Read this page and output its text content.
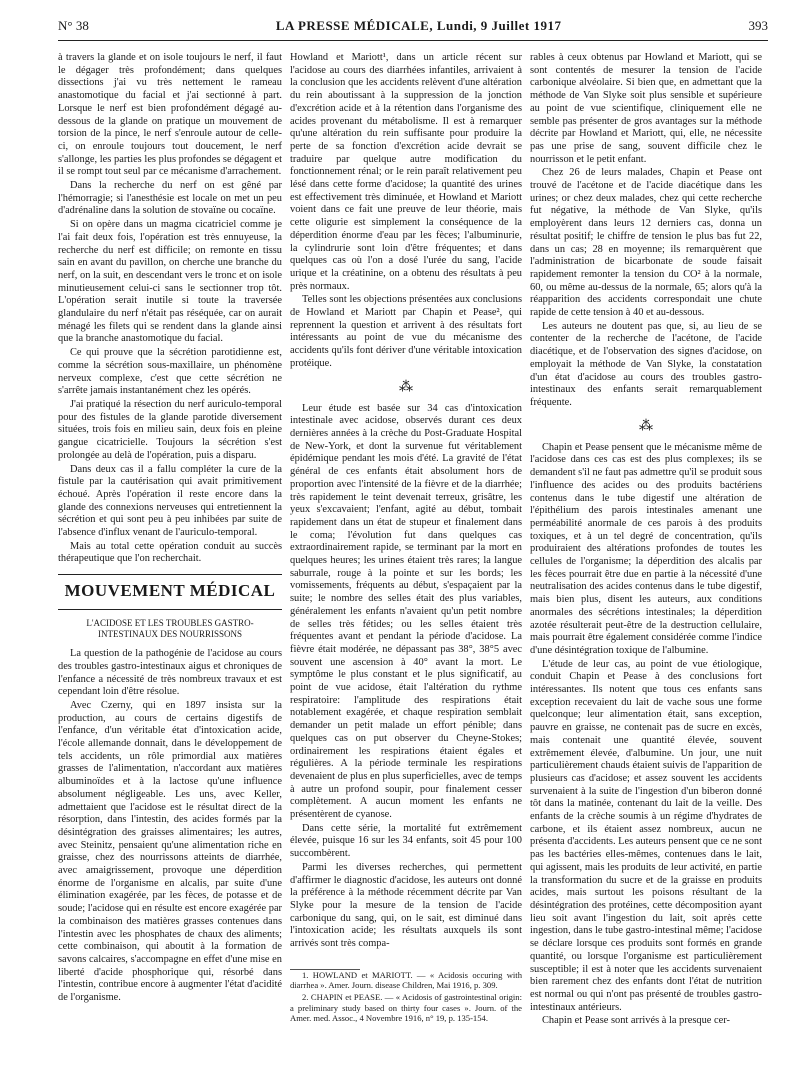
N° 38	LA PRESSE MÉDICALE, Lundi, 9 Juillet 1917	393

à travers la glande et on isole toujours le nerf, il faut le dégager très profondément; dans quelques dissections j'ai vu très nettement le rameau anastomotique du facial et j'ai sectionné à part. Lorsque le nerf est bien profondément dégagé au-dessous de la glande on pratique un mouvement de torsion de la pince, le nerf s'enroule autour de celle-ci, on enroule toujours tout doucement, le nerf s'allonge, les parties les plus profondes se dégagent et il se rompt tout seul par ce mécanisme d'arrachement.

Dans la recherche du nerf on est gêné par l'hémorragie; si l'anesthésie est locale on met un peu d'adrénaline dans la solution de stovaïne ou cocaïne.

Si on opère dans un magma cicatriciel comme je l'ai fait deux fois, l'opération est très ennuyeuse, la recherche du nerf est difficile; on remonte en tissu sain en avant du pavillon, on cherche une branche du nerf, on la suit, en descendant vers le tronc et on isole minutieusement celui-ci sans le sectionner trop tôt. L'opération serait inutile si toute la traversée glandulaire du nerf n'était pas réséquée, car on aurait ménagé les filets qui se rendent dans la glande ainsi que la branche anastomotique du facial.

Ce qui prouve que la sécrétion parotidienne est, comme la sécrétion sous-maxillaire, un phénomène nerveux complexe, c'est que cette sécrétion ne s'arrête jamais instantanément chez les opérés.

J'ai pratiqué la résection du nerf auriculo-temporal pour des fistules de la glande parotide diversement situées, trois fois en milieu sain, deux fois en pleine gangue cicatricielle. Toujours la sécrétion s'est prolongée au delà de l'opération, puis a disparu.

Dans deux cas il a fallu compléter la cure de la fistule par la cautérisation qui avait primitivement échoué. Après l'opération il reste encore dans la glande des connexions nerveuses qui entretiennent la sécrétion et qui sont peu à peu inhibées par suite de l'absence d'influx venant de l'auriculo-temporal.

Mais au total cette opération conduit au succès thérapeutique que l'on recherchait.

MOUVEMENT MÉDICAL
L'ACIDOSE ET LES TROUBLES GASTRO-INTESTINAUX DES NOURRISSONS

La question de la pathogénie de l'acidose au cours des troubles gastro-intestinaux aigus et chroniques de l'enfance a nécessité de très nombreux travaux et est cependant loin d'être résolue.

Avec Czerny, qui en 1897 insista sur la production, au cours de certains digestifs de l'enfance, d'un véritable état d'intoxication acide, l'école allemande donnait, dans le développement de tels accidents, un rôle primordial aux matières grasses de l'alimentation, n'accordant aux matières albuminoïdes et à la lactose qu'une influence absolument négligeable. Les uns, avec Keller, admettaient que l'acidose est le résultat direct de la résorption, dans l'intestin, des acides formés par la désintégration des graisses alimentaires; les autres, avec Steinitz, pensaient qu'une alimentation riche en graisse, chez des nourrissons atteints de diarrhée, avec amaigrissement, provoque une déperdition énorme de l'organisme en alcalis, par suite d'une élimination exagérée, par les fèces, de potasse et de soude; l'acidose qui en résulte est encore exagérée par la combinaison des matières grasses contenues dans l'intestin avec les phosphates de chaux des aliments; cette combinaison, qui aboutit à la formation de savons calcaires, s'accompagne en effet d'une mise en liberté d'acide phosphorique qui, résorbé dans l'intestin, contribue encore à augmenter l'état d'acidité de l'organisme.

Howland et Mariott¹, dans un article récent sur l'acidose au cours des diarrhées infantiles, arrivaient à la conclusion que les accidents relèvent d'une altération du rein aboutissant à la suppression de la jonction d'excrétion acide et à la rétention dans l'organisme des acides provenant du métabolisme. Il est à remarquer qu'une altération du rein suffisante pour produire la perte de sa fonction d'excrétion acide devrait se traduire par quelque autre modification du fonctionnement rénal; or le rein paraît relativement peu lésé dans cette forme d'acidose; la quantité des urines est effectivement très diminuée, et Howland et Mariott voient dans ce fait une preuve de leur théorie, mais cette oligurie est simplement la conséquence de la déperdition énorme d'eau par les fèces; l'albuminurie, la cylindrurie sont loin d'être fréquentes; et dans quelques cas où l'on a dosé l'urée du sang, l'acide urique et la créatinine, on a obtenu des résultats à peu près normaux.

Telles sont les objections présentées aux conclusions de Howland et Mariott par Chapin et Pease², qui reprennent la question et arrivent à des résultats fort intéressants au point de vue du mécanisme des accidents qu'ils font dériver d'une véritable intoxication protéique.

⁂

Leur étude est basée sur 34 cas d'intoxication intestinale avec acidose, observés durant ces deux dernières années à la crèche du Post-Graduate Hospital de New-York, et dont la survenue fut véritablement épidémique pendant les mois d'été. La gravité de l'état général de ces enfants était absolument hors de proportion avec l'intensité de la fièvre et de la diarrhée; très rapidement le teint devenait terreux, grisâtre, les yeux s'excavaient; l'enfant, agité au début, tombait rapidement dans un état de stupeur et finalement dans le coma; l'évolution fut dans quelques cas extraordinairement rapide, se terminant par la mort en quelques heures; les urines étaient très rares; la langue saburrale, rouge à la pointe et sur les bords; les vomissements, fréquents au début, s'espaçaient par la suite; le nombre des selles était des plus variables, généralement les enfants n'avaient qu'un petit nombre de selles très fétides; ou les selles étaient très fréquentes avant et pendant la période d'acidose. La fièvre était modérée, ne dépassant pas 38°, 38°5 avec souvent une ascension à 40° avant la mort. Le symptôme le plus constant et le plus significatif, au point de vue acidose, était l'altération du rythme respiratoire: l'amplitude des respirations était notablement exagérée, et chaque respiration semblait demander un petit malade un effort pénible; dans quelques cas on put observer du Cheyne-Stokes; ordinairement les respirations étaient égales et régulières. A la période terminale les respirations devenaient de plus en plus superficielles, avec de temps à autre un profond soupir, pour finalement cesser complètement. A aucun moment les enfants ne présentèrent de cyanose.

Dans cette série, la mortalité fut extrêmement élevée, puisque 16 sur les 34 enfants, soit 45 pour 100 succombèrent.

Parmi les diverses recherches, qui permettent d'affirmer le diagnostic d'acidose, les auteurs ont donné la préférence à la méthode récemment décrite par Van Slyke pour la mesure de la tension de l'acide carbonique du sang, qui, on le sait, est diminué dans l'intoxication acide; les résultats auxquels ils sont arrivés sont très compa-

1. HOWLAND et MARIOTT. — « Acidosis occuring with diarrhea ». Amer. Journ. disease Children, Mai 1916, p. 309.

2. CHAPIN et PEASE. — « Acidosis of gastrointestinal origin: a preliminary study based on thirty four cases ». Journ. of the Amer. med. Assoc., 4 Novembre 1916, n° 19, p. 135-154.

rables à ceux obtenus par Howland et Mariott, qui se sont contentés de mesurer la tension de l'acide carbonique alvéolaire. Si bien que, en admettant que la méthode de Van Slyke soit plus sensible et supérieure au point de vue scientifique, cliniquement elle ne semble pas présenter de gros avantages sur la méthode décrite par Howland et Mariott, qui, elle, ne nécessite pas une prise de sang, souvent difficile chez le nourrisson et le petit enfant.

Chez 26 de leurs malades, Chapin et Pease ont trouvé de l'acétone et de l'acide diacétique dans les urines; or chez deux malades, chez qui cette recherche fut négative, la méthode de Van Slyke, qu'ils employèrent dans leurs 12 derniers cas, donna un résultat positif; le chiffre de tension le plus bas fut 22, dans un cas; 28 en moyenne; ils remarquèrent que l'administration de bicarbonate de soude faisait rapidement remonter la tension du CO² à la normale, 60, ou même au-dessus de la normale, 65; alors qu'à la réapparition des accidents correspondait une chute rapide de cette tension à 40 et au-dessous.

Les auteurs ne doutent pas que, si, au lieu de se contenter de la recherche de l'acétone, de l'acide diacétique, et de l'observation des signes d'acidose, on employait la méthode de Van Slyke, la constatation d'un état d'acidose au cours des troubles gastro-intestinaux des enfants serait remarquablement fréquente.

⁂

Chapin et Pease pensent que le mécanisme même de l'acidose dans ces cas est des plus complexes; ils se demandent s'il ne faut pas admettre qu'il se produit sous l'influence des acides ou des produits bactériens contenus dans le tube digestif une altération de l'épithélium des parois intestinales amenant une perméabilité anormale de ces parois à des produits toxiques, et à un tel degré de concentration, qu'ils produiraient des altérations profondes de toutes les cellules de l'organisme; la déperdition des alcalis par les fèces pourrait être due en partie à la nécessité d'une neutralisation des acides contenus dans le tube digestif, mais bien plus, disent les auteurs, aux conditions anormales des sécrétions intestinales; la déperdition azotée résulterait peut-être de la destruction cellulaire, mais pourrait être également considérée comme l'indice d'une désintégration toxique de l'albumine.

L'étude de leur cas, au point de vue étiologique, conduit Chapin et Pease à des conclusions fort intéressantes. Ils notent que tous ces enfants sans exception recevaient du lait de vache sous une forme quelconque; leur alimentation était, sans exception, pauvre en graisse, ne contenait pas de sucre en excès, mais contenait une quantité élevée, souvent extrêmement élevée, d'albumine. Un jour, une nuit particulièrement chauds étaient suivis de l'apparition de plusieurs cas d'acidose; et assez souvent les accidents survenaient à la suite de l'ingestion d'un biberon donné tôt dans la matinée, contenant du lait de la veille. Des enfants de la crèche soumis à un régime d'hydrates de carbone, et ils étaient assez nombreux, aucun ne présenta d'accidents. Les auteurs pensent que ce ne sont pas les bactéries elles-mêmes, contenues dans le lait, qui agissent, mais les produits de leur activité, en partie la transformation du sucre et de la graisse en produits acides, mais surtout les poisons résultant de la désintégration des protéines, cette décomposition ayant lieu soit avant l'ingestion du lait, soit après cette ingestion, dans le tube gastro-intestinal même; l'acidose se déclare lorsque ces produits sont formés en grande quantité, ou lorsque l'organisme est particulièrement susceptible; il est à noter que les accidents survenaient bien rarement chez des enfants dont l'état de nutrition est normal ou qui n'ont pas présenté de troubles gastro-intestinaux antérieurs.

Chapin et Pease sont arrivés à la presque cer-
